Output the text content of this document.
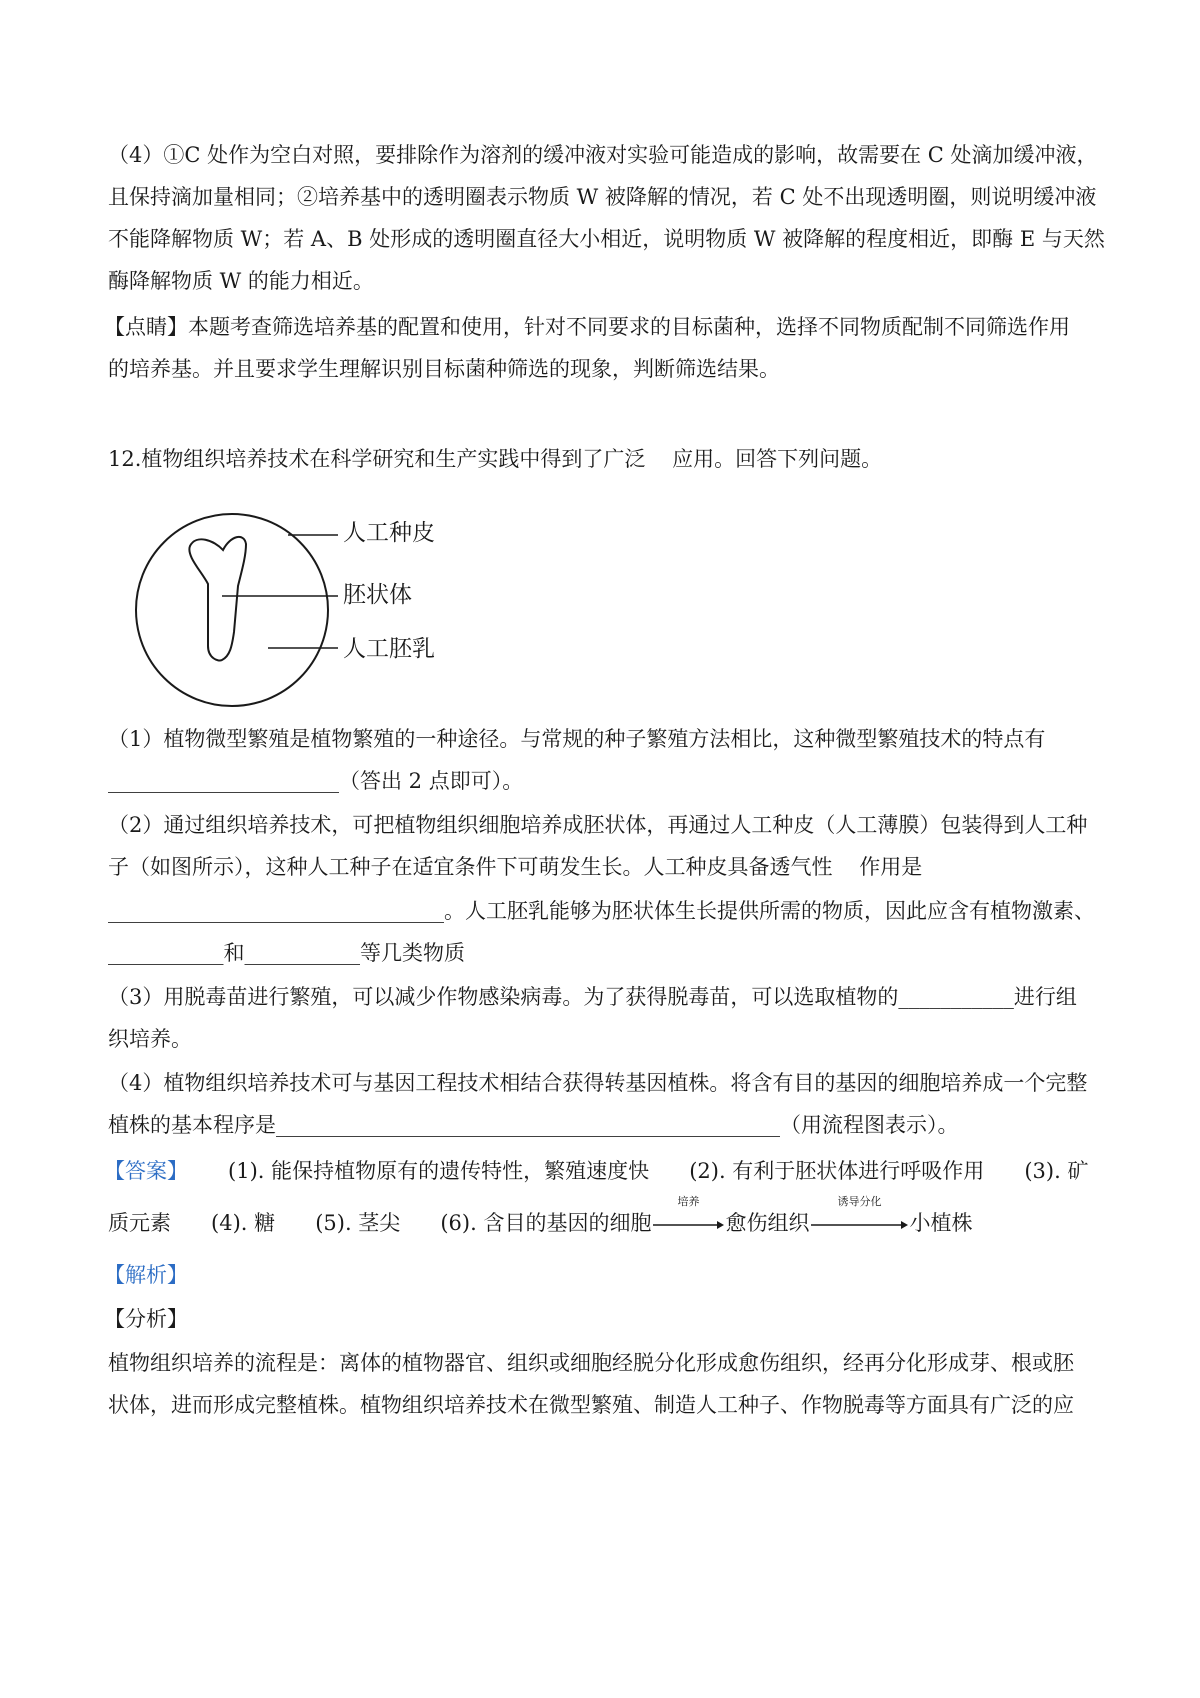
（4）①C 处作为空白对照，要排除作为溶剂的缓冲液对实验可能造成的影响，故需要在 C 处滴加缓冲液，
且保持滴加量相同；②培养基中的透明圈表示物质 W 被降解的情况，若 C 处不出现透明圈，则说明缓冲液
不能降解物质 W；若 A、B 处形成的透明圈直径大小相近，说明物质 W 被降解的程度相近，即酶 E 与天然
酶降解物质 W 的能力相近。
【点睛】本题考查筛选培养基的配置和使用，针对不同要求的目标菌种，选择不同物质配制不同筛选作用
的培养基。并且要求学生理解识别目标菌种筛选的现象，判断筛选结果。
12.植物组织培养技术在科学研究和生产实践中得到了广泛    应用。回答下列问题。
人工种皮
胚状体
人工胚乳
（1）植物微型繁殖是植物繁殖的一种途径。与常规的种子繁殖方法相比，这种微型繁殖技术的特点有
______________________（答出 2 点即可）。
（2）通过组织培养技术，可把植物组织细胞培养成胚状体，再通过人工种皮（人工薄膜）包装得到人工种
子（如图所示），这种人工种子在适宜条件下可萌发生长。人工种皮具备透气性    作用是
________________________________。人工胚乳能够为胚状体生长提供所需的物质，因此应含有植物激素、
___________和___________等几类物质
（3）用脱毒苗进行繁殖，可以减少作物感染病毒。为了获得脱毒苗，可以选取植物的___________进行组
织培养。
（4）植物组织培养技术可与基因工程技术相结合获得转基因植株。将含有目的基因的细胞培养成一个完整
植株的基本程序是________________________________________________（用流程图表示）。
【答案】      (1). 能保持植物原有的遗传特性，繁殖速度快      (2). 有利于胚状体进行呼吸作用      (3). 矿
质元素      (4). 糖      (5). 茎尖      (6). 含目的基因的细胞
培养
愈伤组织
诱导分化
小植株
【解析】
【分析】
植物组织培养的流程是：离体的植物器官、组织或细胞经脱分化形成愈伤组织，经再分化形成芽、根或胚
状体，进而形成完整植株。植物组织培养技术在微型繁殖、制造人工种子、作物脱毒等方面具有广泛的应
